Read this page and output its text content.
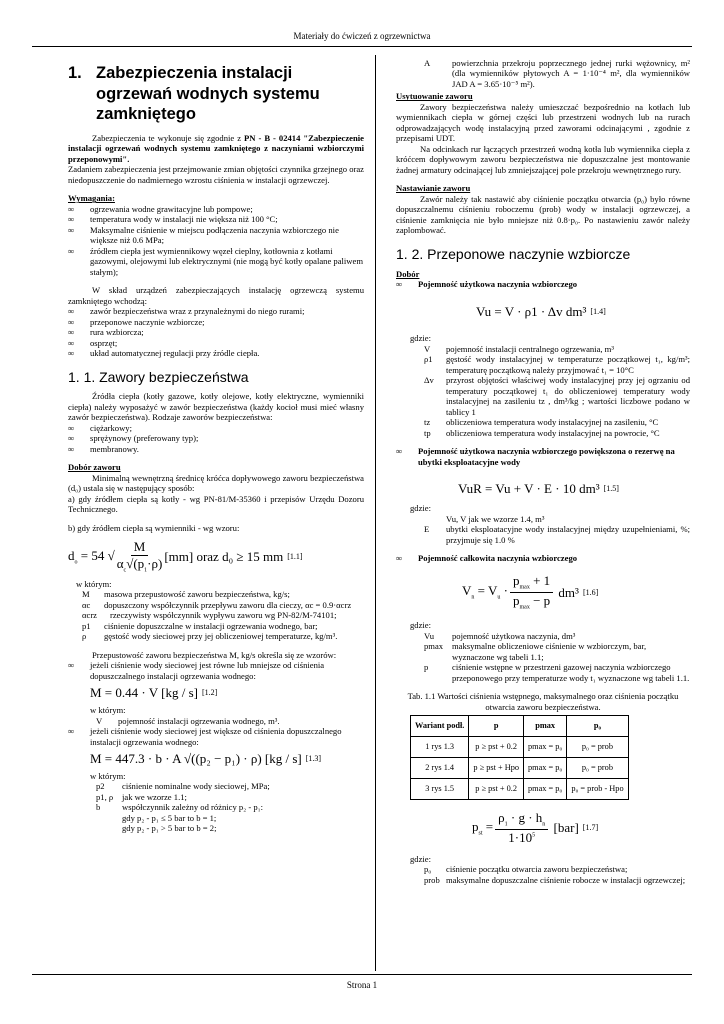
Materiały do ćwiczeń z ogrzewnictwa
1. Zabezpieczenia instalacji ogrzewań wodnych systemu zamkniętego

Zabezpieczenia te wykonuje się zgodnie z PN - B - 02414 "Zabezpieczenie instalacji ogrzewań wodnych systemu zamkniętego z naczyniami wzbiorczymi przeponowymi".

Zadaniem zabezpieczenia jest przejmowanie zmian objętości czynnika grzejnego oraz niedopuszczenie do nadmiernego wzrostu ciśnienia w instalacji ogrzewczej.

Wymagania:

∞	ogrzewania wodne grawitacyjne lub pompowe;
∞	temperatura wody w instalacji nie większa niż 100 °C;
∞	Maksymalne ciśnienie w miejscu podłączenia naczynia wzbiorczego nie większe niż 0.6 MPa;
∞	źródłem ciepła jest wymiennikowy węzeł cieplny, kotłownia z kotłami gazowymi, olejowymi lub elektrycznymi (nie mogą być kotły opalane paliwem stałym);

W skład urządzeń zabezpieczających instalację ogrzewczą systemu zamkniętego wchodzą:

∞	zawór bezpieczeństwa wraz z przynależnymi do niego rurami;
∞	przeponowe naczynie wzbiorcze;
∞	rura wzbiorcza;
∞	osprzęt;
∞	układ automatycznej regulacji przy źródle ciepła.
1. 1. Zawory bezpieczeństwa

Źródła ciepła (kotły gazowe, kotły olejowe, kotły elektryczne, wymienniki ciepła) należy wyposażyć w zawór bezpieczeństwa (każdy kocioł musi mieć własny zawór bezpieczeństwa). Rodzaje zaworów bezpieczeństwa:

∞	ciężarkowy;
∞	sprężynowy (preferowany typ);
∞	membranowy.

Dobór zaworu

Minimalną wewnętrzną średnicę króćca dopływowego zaworu bezpieczeństwa (d₀) ustala się w następujący sposób:

a) gdy źródłem ciepła są kotły - wg PN-81/M-35360 i przepisów Urzędu Dozoru Technicznego.

b) gdy źródłem ciepła są wymienniki - wg wzoru:

$d_o = 54$ √ $\frac{M}{\alpha_c√(p_1\cdot\rho)} [mm]$ oraz d₀ ≥ 15 mm [1.1]

w którym:

M	masowa przepustowość zaworu bezpieczeństwa, kg/s;
αc	dopuszczony współczynnik przepływu zaworu dla cieczy, αc = 0.9·αcrz
αcrz	rzeczywisty współczynnik wypływu zaworu wg PN-82/M-74101;
p1	ciśnienie dopuszczalne w instalacji ogrzewania wodnego, bar;
ρ	gęstość wody sieciowej przy jej obliczeniowej temperaturze, kg/m³.

Przepustowość zaworu bezpieczeństwa M, kg/s określa się ze wzorów:

∞	jeżeli ciśnienie wody sieciowej jest równe lub mniejsze od ciśnienia dopuszczalnego instalacji ogrzewania wodnego:
M = 0.44 · V [kg / s] [1.2]

w którym:

V	pojemność instalacji ogrzewania wodnego, m³.
∞	jeżeli ciśnienie wody sieciowej jest większe od ciśnienia dopuszczalnego instalacji ogrzewania wodnego:
M = 447.3 · b · A √((p₂ − p₁) · ρ) [kg / s] [1.3]

w którym:

p2	ciśnienie nominalne wody sieciowej, MPa;
p1, ρ	jak we wzorze 1.1;
b	współczynnik zależny od różnicy p₂ - p₁:
gdy p₂ - p₁ ≤ 5 bar to b = 1;
gdy p₂ - p₁ > 5 bar to b = 2;
A	powierzchnia przekroju poprzecznego jednej rurki wężownicy, m² (dla wymienników płytowych A = 1·10⁻⁴ m², dla wymienników JAD A = 3.65·10⁻⁵ m²).

Usytuowanie zaworu

Zawory bezpieczeństwa należy umieszczać bezpośrednio na kotłach lub wymiennikach ciepła w górnej części lub przestrzeni wodnych lub na rurach odprowadzających wodę instalacyjną przed zaworami odcinającymi , zgodnie z przepisami UDT.

Na odcinkach rur łączących przestrzeń wodną kotła lub wymiennika ciepła z króćcem dopływowym zaworu bezpieczeństwa nie dopuszczalne jest montowanie żadnej armatury odcinającej lub zmniejszającej pole przekroju wewnętrznego rury.

Nastawianie zaworu

Zawór należy tak nastawić aby ciśnienie początku otwarcia (p₀) było równe dopuszczalnemu ciśnieniu roboczemu (prob) wody w instalacji ogrzewczej, a ciśnienie zamknięcia nie było mniejsze niż 0.8·p₀. Po nastawieniu zawór należy zaplombować.

1. 2. Przeponowe naczynie wzbiorcze

Dobór

∞	Pojemność użytkowa naczynia wzbiorczego
Vu = V · ρ1 · Δv dm³ [1.4]

gdzie:

V	pojemność instalacji centralnego ogrzewania, m³
ρ1	gęstość wody instalacyjnej w temperaturze początkowej t₁, kg/m³; temperaturę początkową należy przyjmować t₁ = 10°C
Δv	przyrost objętości właściwej wody instalacyjnej przy jej ogrzaniu od temperatury początkowej t₁ do obliczeniowej temperatury wody instalacyjnej na zasileniu tz , dm³/kg ; wartości liczbowe podano w tablicy 1
tz	obliczeniowa temperatura wody instalacyjnej na zasileniu, °C
tp	obliczeniowa temperatura wody instalacyjnej na powrocie, °C
∞	Pojemność użytkowa naczynia wzbiorczego powiększona o rezerwę na ubytki eksploatacyjne wody
VuR = Vu + V · E · 10 dm³ [1.5]

gdzie:

Vu, V jak we wzorze 1.4, m³
E	ubytki eksploatacyjne wody instalacyjnej między uzupełnieniami, %; przyjmuje się 1.0 %
∞	Pojemność całkowita naczynia wzbiorczego
$V_n = V_u \cdot \frac{p_{max} + 1}{p_{max} - p} dm^3$ [1.6]

gdzie:

Vu	pojemność użytkowa naczynia, dm³
pmax	maksymalne obliczeniowe ciśnienie w wzbiorczym, bar, wyznaczone wg tabeli 1.1;
p	ciśnienie wstępne w przestrzeni gazowej naczynia wzbiorczego przeponowego przy temperaturze wody t₁ wyznaczone wg tabeli 1.1.

Tab. 1.1 Wartości ciśnienia wstępnego, maksymalnego oraz ciśnienia początku otwarcia zaworu bezpieczeństwa.

Wariant podł.	p	pmax	p₀
1 rys 1.3	p ≥ pst + 0.2	pmax = p₀	p₀ = prob
2 rys 1.4	p ≥ pst + Hpo	pmax = p₀	p₀ = prob
3 rys 1.5	p ≥ pst + 0.2	pmax = p₀	p₀ = prob - Hpo
$p_{st} = \frac{\rho_1 \cdot g \cdot h_n}{1\cdot 10^5} [bar]$ [1.7]

gdzie:

p₀	ciśnienie początku otwarcia zaworu bezpieczeństwa;
prob maksymalne dopuszczalne ciśnienie robocze w instalacji ogrzewczej;
Strona 1
